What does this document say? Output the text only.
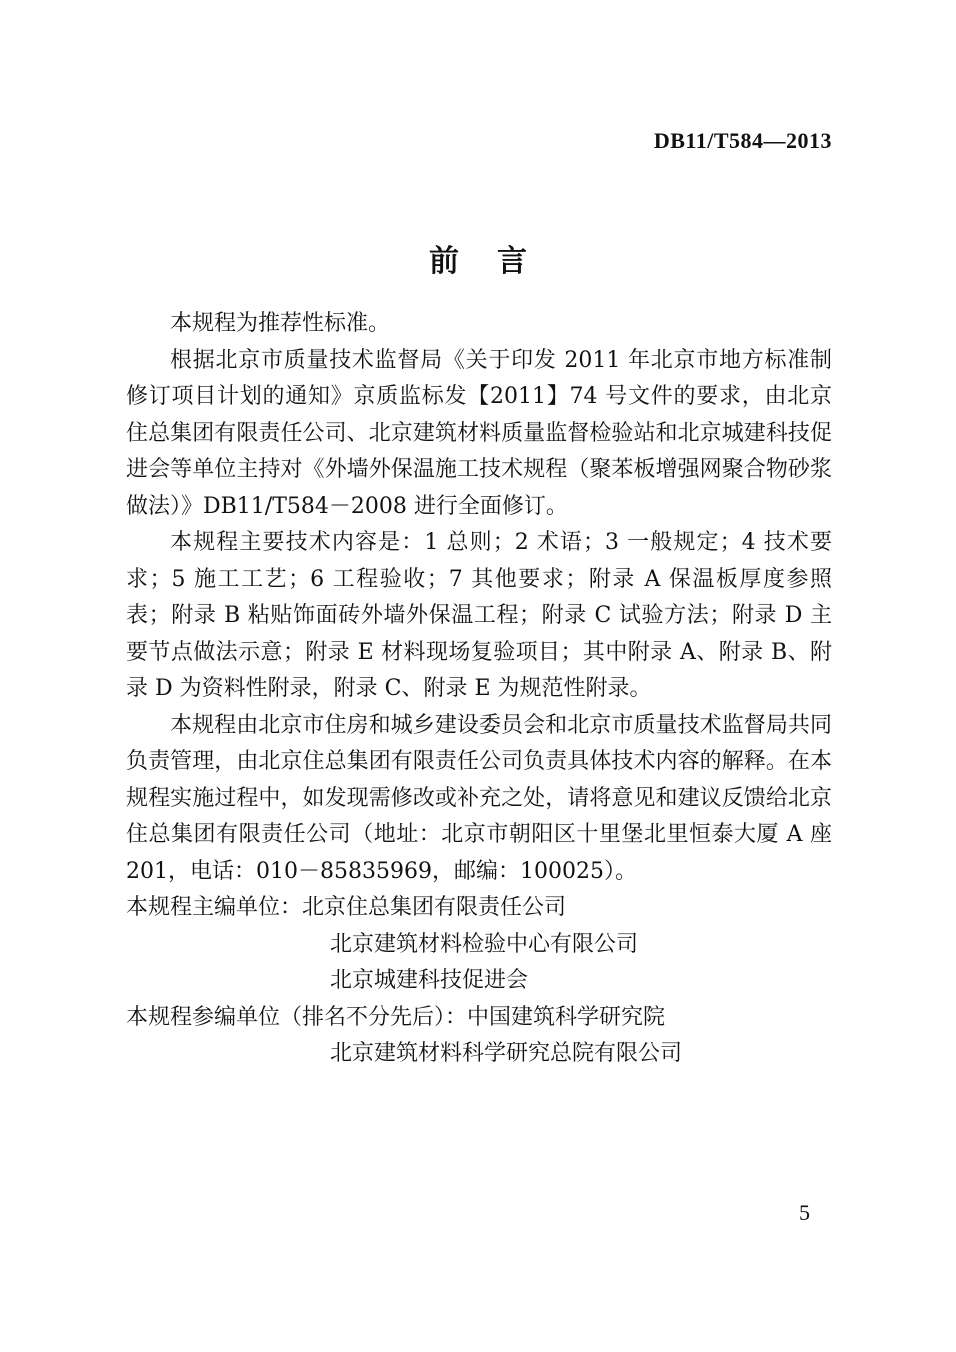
DB11/T584—2013
前言

本规程为推荐性标准。

根据北京市质量技术监督局《关于印发 2011 年北京市地方标准制修订项目计划的通知》京质监标发【2011】74 号文件的要求，由北京住总集团有限责任公司、北京建筑材料质量监督检验站和北京城建科技促进会等单位主持对《外墙外保温施工技术规程（聚苯板增强网聚合物砂浆做法）》DB11/T584－2008 进行全面修订。

本规程主要技术内容是：1 总则；2 术语；3 一般规定；4 技术要求；5 施工工艺；6 工程验收；7 其他要求；附录 A 保温板厚度参照表；附录 B 粘贴饰面砖外墙外保温工程；附录 C 试验方法；附录 D 主要节点做法示意；附录 E 材料现场复验项目；其中附录 A、附录 B、附录 D 为资料性附录，附录 C、附录 E 为规范性附录。

本规程由北京市住房和城乡建设委员会和北京市质量技术监督局共同负责管理，由北京住总集团有限责任公司负责具体技术内容的解释。在本规程实施过程中，如发现需修改或补充之处，请将意见和建议反馈给北京住总集团有限责任公司（地址：北京市朝阳区十里堡北里恒泰大厦 A 座 201，电话：010－85835969，邮编：100025）。

本规程主编单位：北京住总集团有限责任公司
北京建筑材料检验中心有限公司
北京城建科技促进会
本规程参编单位（排名不分先后）：中国建筑科学研究院
北京建筑材料科学研究总院有限公司
5
